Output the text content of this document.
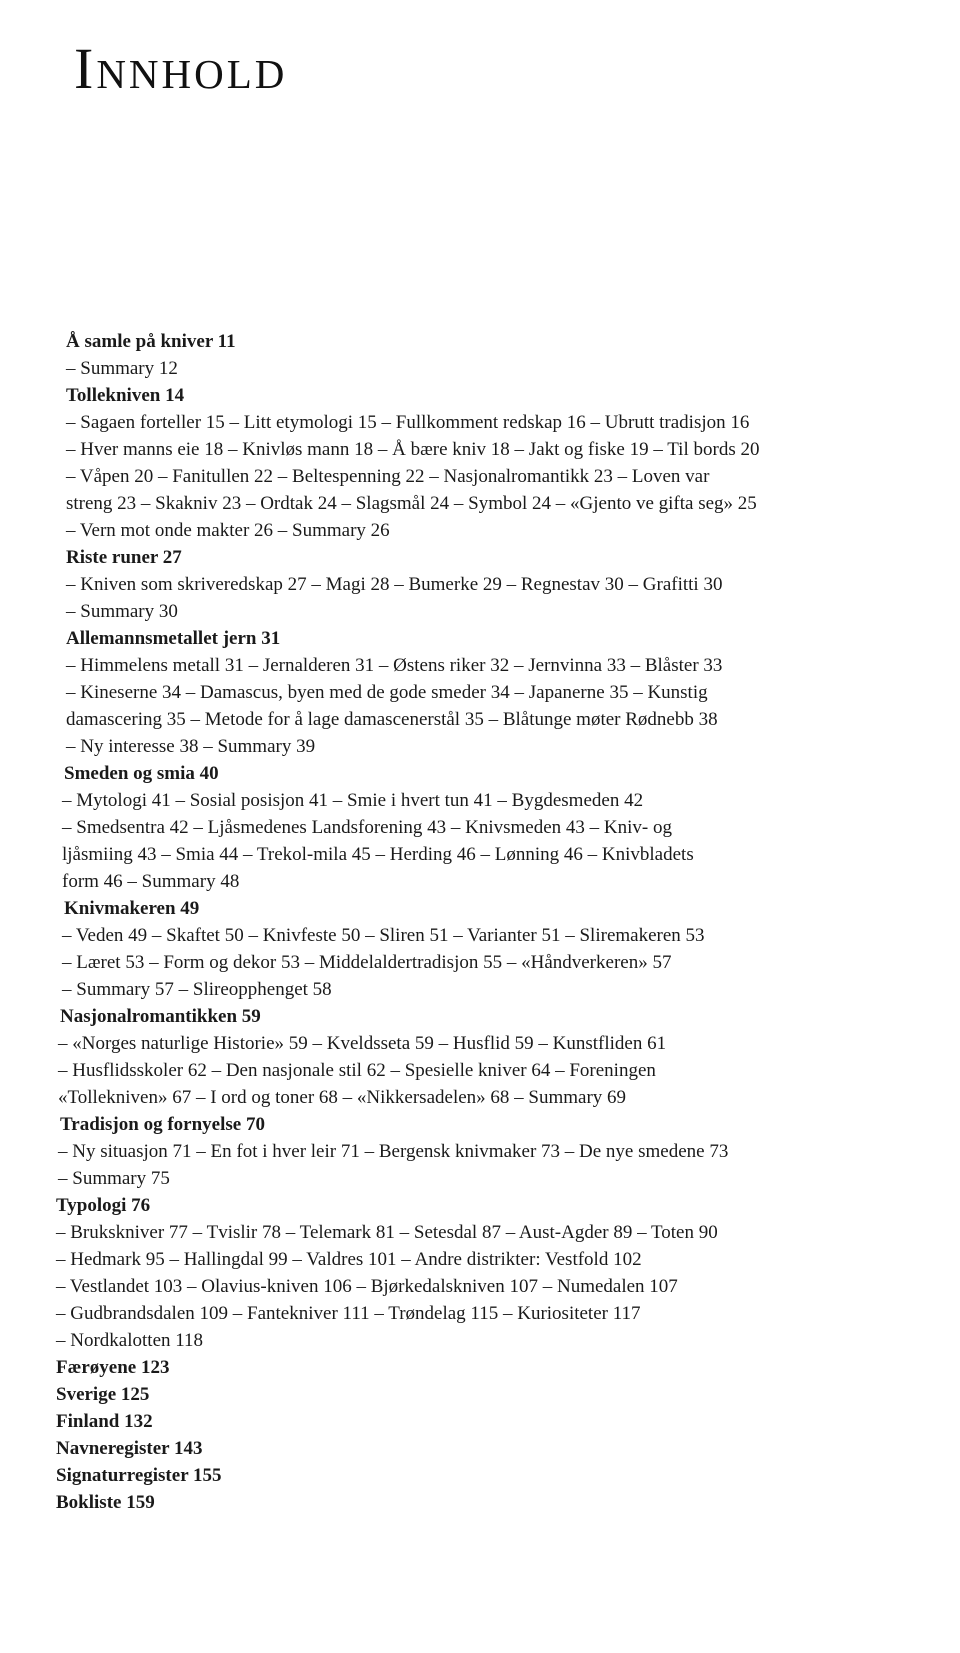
Innhold

Å samle på kniver 11

– Summary 12

Tollekniven 14

– Sagaen forteller 15 – Litt etymologi 15 – Fullkomment redskap 16 – Ubrutt tradisjon 16

– Hver manns eie 18 – Knivløs mann 18 – Å bære kniv 18 – Jakt og fiske 19 – Til bords 20

– Våpen 20 – Fanitullen 22 – Beltespenning 22 – Nasjonalromantikk 23 – Loven var

streng 23 – Skakniv 23 – Ordtak 24 – Slagsmål 24 – Symbol 24 – «Gjento ve gifta seg» 25

– Vern mot onde makter 26 – Summary 26

Riste runer 27

– Kniven som skriveredskap 27 – Magi 28 – Bumerke 29 – Regnestav 30 – Grafitti 30

– Summary 30

Allemannsmetallet jern 31

– Himmelens metall 31 – Jernalderen 31 – Østens riker 32 – Jernvinna 33 – Blåster 33

– Kineserne 34 – Damascus, byen med de gode smeder 34 – Japanerne 35 – Kunstig

damascering 35 – Metode for å lage damascenerstål 35 – Blåtunge møter Rødnebb 38

– Ny interesse 38 – Summary 39

Smeden og smia 40

– Mytologi 41 – Sosial posisjon 41 – Smie i hvert tun 41 – Bygdesmeden 42

– Smedsentra 42 – Ljåsmedenes Landsforening 43 – Knivsmeden 43 – Kniv- og

ljåsmiing 43 – Smia 44 – Trekol-mila 45 – Herding 46 – Lønning 46 – Knivbladets

form 46 – Summary 48

Knivmakeren 49

– Veden 49 – Skaftet 50 – Knivfeste 50 – Sliren 51 – Varianter 51 – Sliremakeren 53

– Læret 53 – Form og dekor 53 – Middelaldertradisjon 55 – «Håndverkeren» 57

– Summary 57 – Slireopphenget 58

Nasjonalromantikken 59

– «Norges naturlige Historie» 59 – Kveldsseta 59 – Husflid 59 – Kunstfliden 61

– Husflidsskoler 62 – Den nasjonale stil 62 – Spesielle kniver 64 – Foreningen

«Tollekniven» 67 – I ord og toner 68 – «Nikkersadelen» 68 – Summary 69

Tradisjon og fornyelse 70

– Ny situasjon 71 – En fot i hver leir 71 – Bergensk knivmaker 73 – De nye smedene 73

– Summary 75

Typologi 76

– Brukskniver 77 – Tvislir 78 – Telemark 81 – Setesdal 87 – Aust-Agder 89 – Toten 90

– Hedmark 95 – Hallingdal 99 – Valdres 101 – Andre distrikter: Vestfold 102

– Vestlandet 103 – Olavius-kniven 106 – Bjørkedalskniven 107 – Numedalen 107

– Gudbrandsdalen 109 – Fantekniver 111 – Trøndelag 115 – Kuriositeter 117

– Nordkalotten 118

Færøyene 123

Sverige 125

Finland 132

Navneregister 143

Signaturregister 155

Bokliste 159
